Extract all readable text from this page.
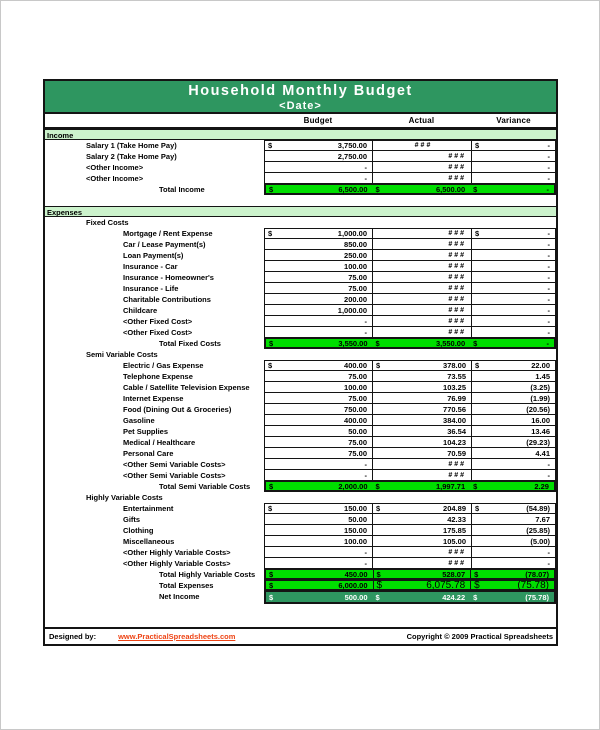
Household Monthly Budget
<Date>
Budget	Actual	Variance
Income
Salary 1 (Take Home Pay)	$	3,750.00	###	$	-
Salary 2 (Take Home Pay)	2,750.00	###	-
<Other Income>	-	###	-
<Other Income>	-	###	-
Total Income	$	6,500.00	$	6,500.00	$	-
Expenses
Fixed Costs
Mortgage / Rent Expense	$	1,000.00	###	$	-
Car / Lease Payment(s)	850.00	###	-
Loan Payment(s)	250.00	###	-
Insurance - Car	100.00	###	-
Insurance - Homeowner's	75.00	###	-
Insurance - Life	75.00	###	-
Charitable Contributions	200.00	###	-
Childcare	1,000.00	###	-
<Other Fixed Cost>	-	###	-
<Other Fixed Cost>	-	###	-
Total Fixed Costs	$	3,550.00	$	3,550.00	$	-
Semi Variable Costs
Electric / Gas Expense	$	400.00	$	378.00	$	22.00
Telephone Expense	75.00	73.55	1.45
Cable / Satellite Television Expense	100.00	103.25	(3.25)
Internet Expense	75.00	76.99	(1.99)
Food (Dining Out & Groceries)	750.00	770.56	(20.56)
Gasoline	400.00	384.00	16.00
Pet Supplies	50.00	36.54	13.46
Medical / Healthcare	75.00	104.23	(29.23)
Personal Care	75.00	70.59	4.41
<Other Semi Variable Costs>	-	###	-
<Other Semi Variable Costs>	-	###	-
Total Semi Variable Costs	$	2,000.00	$	1,997.71	$	2.29
Highly Variable Costs
Entertainment	$	150.00	$	204.89	$	(54.89)
Gifts	50.00	42.33	7.67
Clothing	150.00	175.85	(25.85)
Miscellaneous	100.00	105.00	(5.00)
<Other Highly Variable Costs>	-	###	-
<Other Highly Variable Costs>	-	###	-
Total Highly Variable Costs	$	450.00	$	528.07	$	(78.07)
Total Expenses	$	6,000.00 $	6,075.78 $	(75.78)
Net Income	$	500.00	$	424.22	$	(75.78)
Designed by:	www.PracticalSpreadsheets.com	Copyright © 2009 Practical Spreadsheets
